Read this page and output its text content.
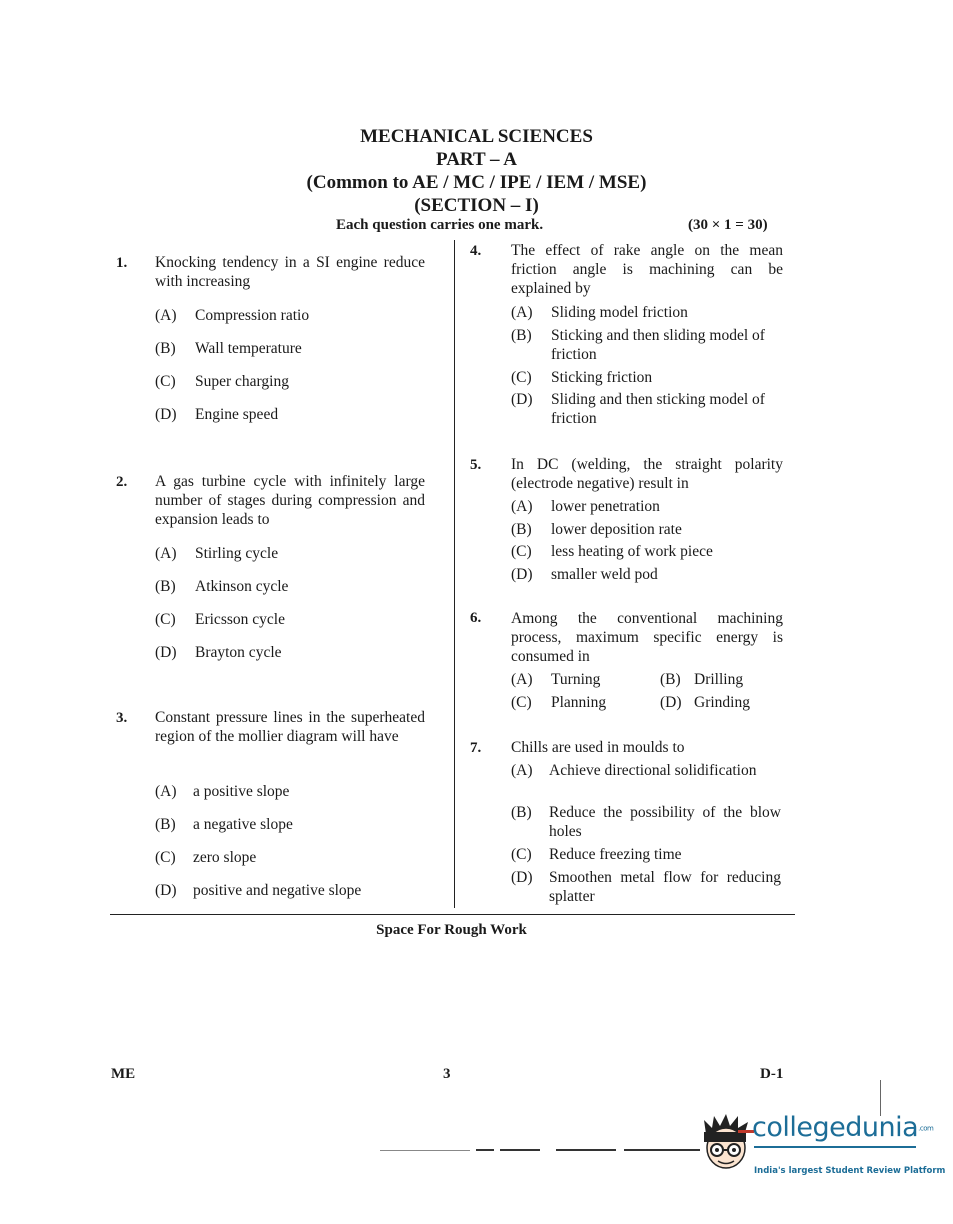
MECHANICAL SCIENCES
PART – A
(Common to AE / MC / IPE / IEM / MSE)
(SECTION – I)
Each question carries one mark.	(30 × 1 = 30)
1. Knocking tendency in a SI engine reduce with increasing
(A)	Compression ratio
(B)	Wall temperature
(C)	Super charging
(D)	Engine speed
2. A gas turbine cycle with infinitely large number of stages during compression and expansion leads to
(A)	Stirling cycle
(B)	Atkinson cycle
(C)	Ericsson cycle
(D)	Brayton cycle
3. Constant pressure lines in the superheated region of the mollier diagram will have
(A)	a positive slope
(B)	a negative slope
(C)	zero slope
(D)	positive and negative slope
4. The effect of rake angle on the mean friction angle is machining can be explained by
(A)	Sliding model friction
(B)	Sticking and then sliding model of friction
(C)	Sticking friction
(D)	Sliding and then sticking model of friction
5. In DC (welding, the straight polarity (electrode negative) result in
(A)	lower penetration
(B)	lower deposition rate
(C)	less heating of work piece
(D)	smaller weld pod
6. Among the conventional machining process, maximum specific energy is consumed in
(A)	Turning	(B) Drilling
(C)	Planning	(D) Grinding
7. Chills are used in moulds to
(A)	Achieve directional solidification
(B)	Reduce the possibility of the blow holes
(C)	Reduce freezing time
(D)	Smoothen metal flow for reducing splatter
Space For Rough Work
ME	3	D-1
collegedunia.com
India's largest Student Review Platform
